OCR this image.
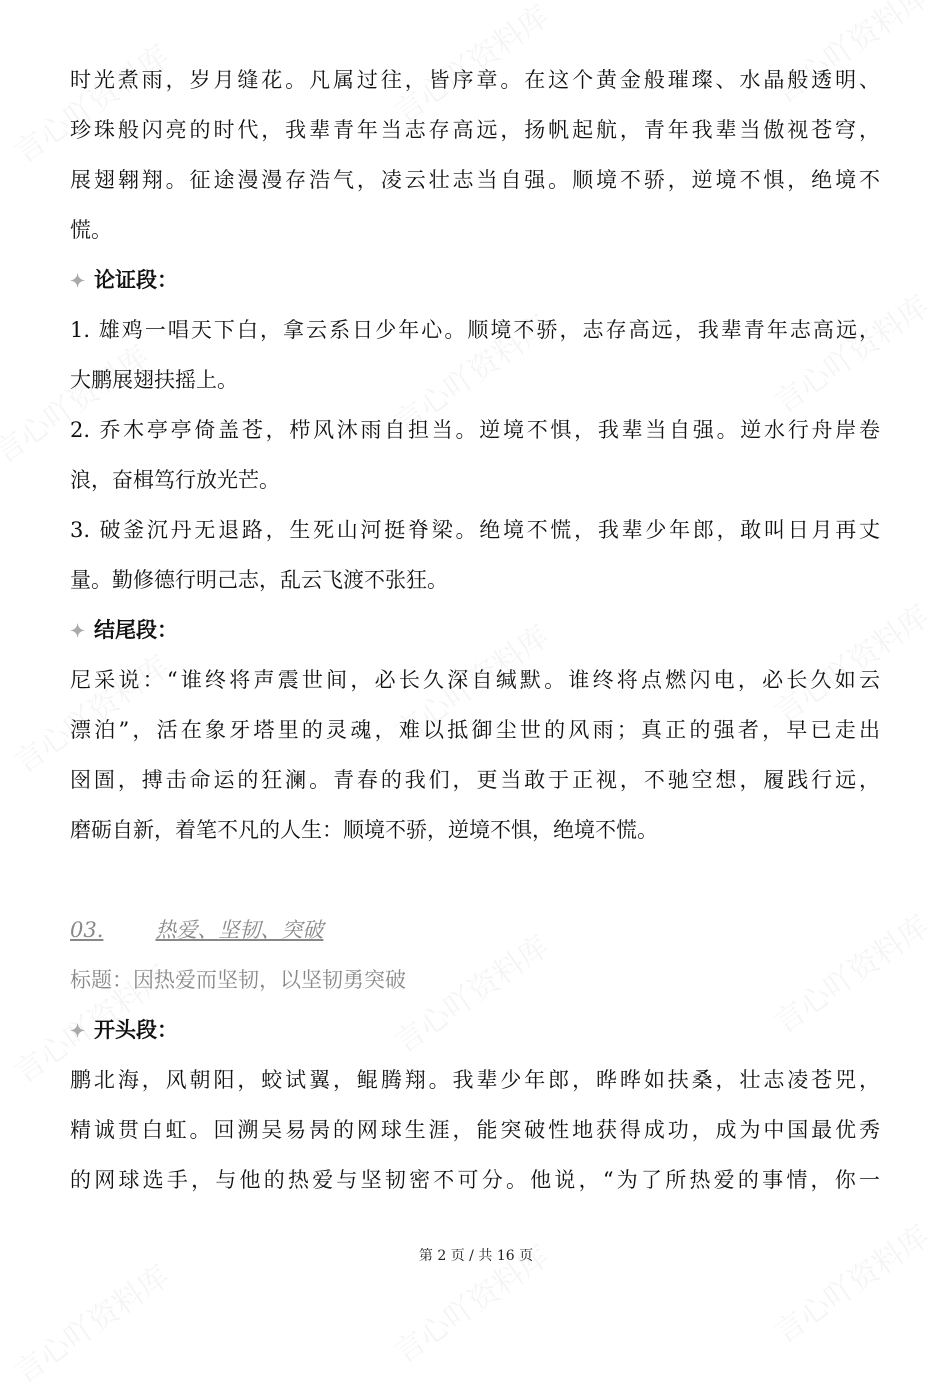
时光煮雨，岁月缝花。凡属过往，皆序章。在这个黄金般璀璨、水晶般透明、
珍珠般闪亮的时代，我辈青年当志存高远，扬帆起航，青年我辈当傲视苍穹，
展翅翱翔。征途漫漫存浩气，凌云壮志当自强。顺境不骄，逆境不惧，绝境不
慌。
✦ 论证段：
1. 雄鸡一唱天下白，拿云系日少年心。顺境不骄，志存高远，我辈青年志高远，
大鹏展翅扶摇上。
2. 乔木亭亭倚盖苍，栉风沐雨自担当。逆境不惧，我辈当自强。逆水行舟岸卷
浪，奋楫笃行放光芒。
3. 破釜沉丹无退路，生死山河挺脊梁。绝境不慌，我辈少年郎，敢叫日月再丈
量。勤修德行明己志，乱云飞渡不张狂。
✦ 结尾段：
尼采说：“谁终将声震世间，必长久深自缄默。谁终将点燃闪电，必长久如云
漂泊”，活在象牙塔里的灵魂，难以抵御尘世的风雨；真正的强者，早已走出
囹圄，搏击命运的狂澜。青春的我们，更当敢于正视，不驰空想，履践行远，
磨砺自新，着笔不凡的人生：顺境不骄，逆境不惧，绝境不慌。
03. 热爱、坚韧、突破
标题：因热爱而坚韧，以坚韧勇突破
✦ 开头段：
鹏北海，风朝阳，蛟试翼，鲲腾翔。我辈少年郎，晔晔如扶桑，壮志凌苍兕，
精诚贯白虹。回溯吴易昺的网球生涯，能突破性地获得成功，成为中国最优秀
的网球选手，与他的热爱与坚韧密不可分。他说，“为了所热爱的事情，你一
第 2 页 / 共 16 页
